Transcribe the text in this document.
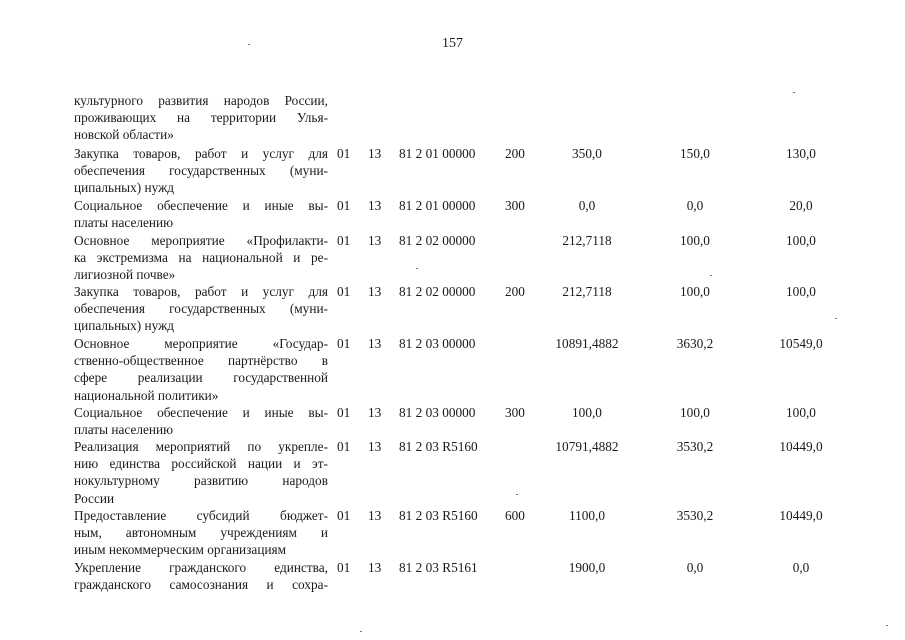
157
культурного развития народов России,
проживающих на территории Улья-
новской области»
Закупка товаров, работ и услуг для
обеспечения государственных (муни-
ципальных) нужд
01 13 81 2 01 00000 200	350,0	150,0	130,0
Социальное обеспечение и иные вы-
платы населению
01 13 81 2 01 00000 300	0,0	0,0	20,0
Основное мероприятие «Профилакти-
ка экстремизма на национальной и ре-
лигиозной почве»
01 13 81 2 02 00000	212,7118	100,0	100,0
Закупка товаров, работ и услуг для
обеспечения государственных (муни-
ципальных) нужд
01 13 81 2 02 00000 200	212,7118	100,0	100,0
Основное мероприятие «Государ-
ственно-общественное партнёрство в
сфере реализации государственной
национальной политики»
01 13 81 2 03 00000	10891,4882	3630,2	10549,0
Социальное обеспечение и иные вы-
платы населению
01 13 81 2 03 00000 300	100,0	100,0	100,0
Реализация мероприятий по укрепле-
нию единства российской нации и эт-
нокультурному развитию народов
России
01 13 81 2 03 R5160	10791,4882	3530,2	10449,0
Предоставление субсидий бюджет-
ным, автономным учреждениям и
иным некоммерческим организациям
01 13 81 2 03 R5160 600	1100,0	3530,2	10449,0
Укрепление гражданского единства,
гражданского самосознания и сохра-
01 13 81 2 03 R5161	1900,0	0,0	0,0
